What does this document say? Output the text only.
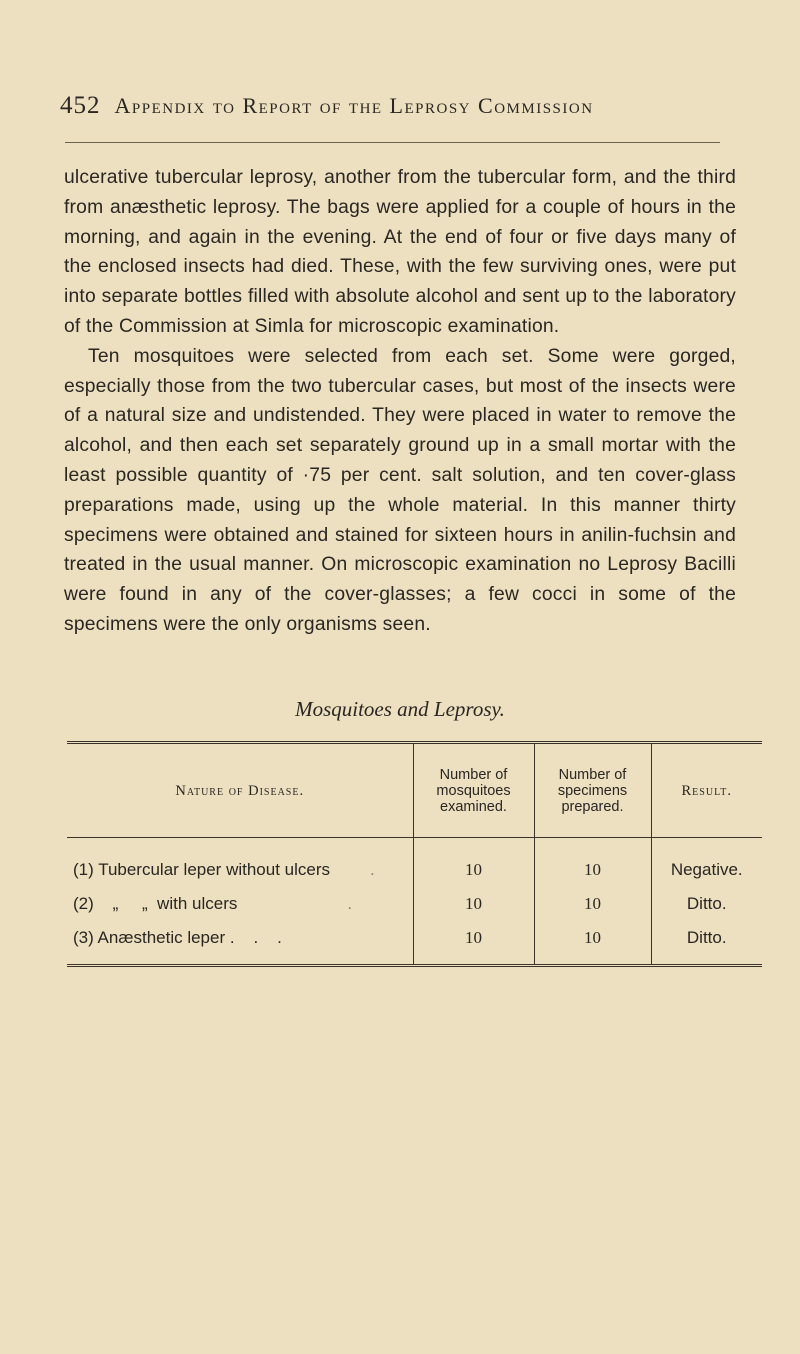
452 Appendix to Report of the Leprosy Commission

ulcerative tubercular leprosy, another from the tubercular form, and the third from anæsthetic leprosy. The bags were applied for a couple of hours in the morning, and again in the evening. At the end of four or five days many of the enclosed insects had died. These, with the few surviving ones, were put into separate bottles filled with absolute alcohol and sent up to the laboratory of the Commission at Simla for microscopic examination.

Ten mosquitoes were selected from each set. Some were gorged, especially those from the two tubercular cases, but most of the insects were of a natural size and undistended. They were placed in water to remove the alcohol, and then each set separately ground up in a small mortar with the least possible quantity of ·75 per cent. salt solution, and ten cover-glass preparations made, using up the whole material. In this manner thirty specimens were obtained and stained for sixteen hours in anilin-fuchsin and treated in the usual manner. On microscopic examination no Leprosy Bacilli were found in any of the cover-glasses; a few cocci in some of the specimens were the only organisms seen.

Mosquitoes and Leprosy.
Nature of Disease.	Number of mosquitoes examined.	Number of specimens prepared.	Result.
(1) Tubercular leper without ulcers .	10	10	Negative.
(2)    „     „  with ulcers .	10	10	Ditto.
(3) Anæsthetic leper .    .    .	10	10	Ditto.
